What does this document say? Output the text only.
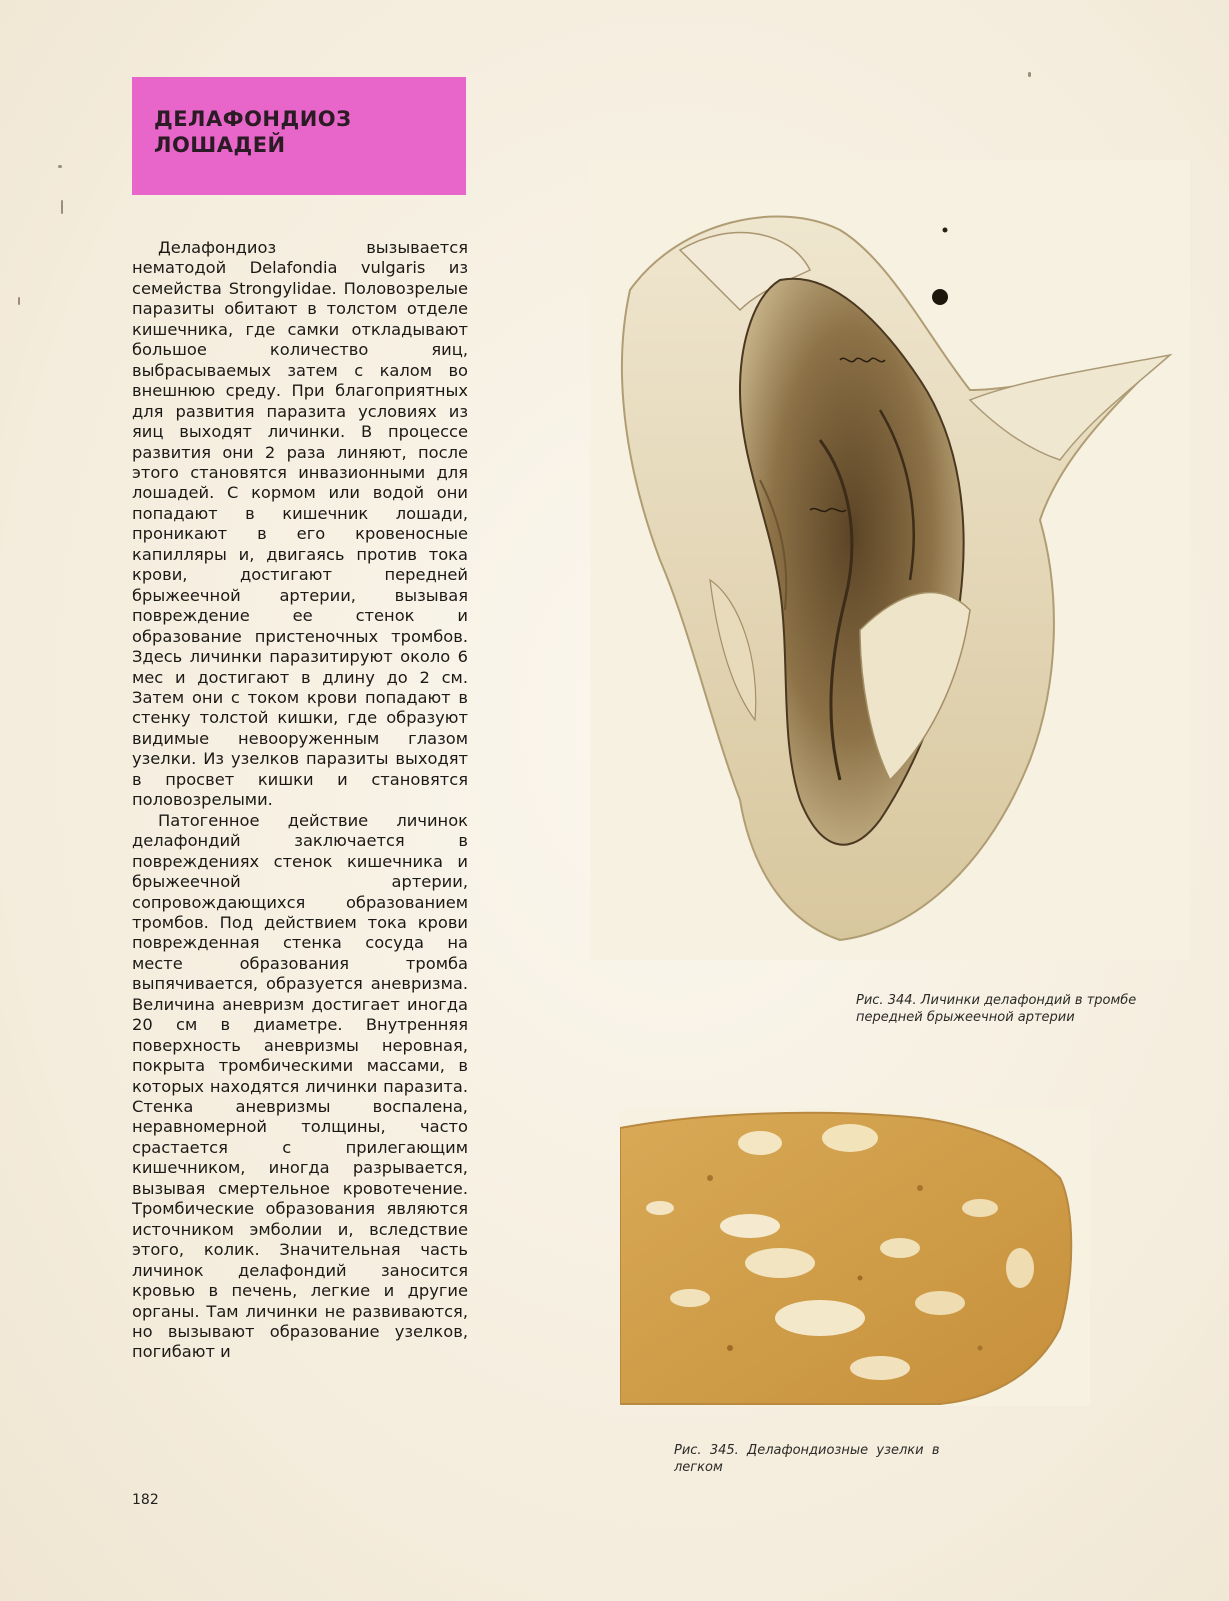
ДЕЛАФОНДИОЗ
ЛОШАДЕЙ

Делафондиоз вызывается нематодой Delafondia vulgaris из семейства Strongylidae. Половозрелые паразиты обитают в толстом отделе кишечника, где самки откладывают большое количество яиц, выбрасываемых затем с калом во внешнюю среду. При благоприятных для развития паразита условиях из яиц выходят личинки. В процессе развития они 2 раза линяют, после этого становятся инвазионными для лошадей. С кормом или водой они попадают в кишечник лошади, проникают в его кровеносные капилляры и, двигаясь против тока крови, достигают передней брыжеечной артерии, вызывая повреждение ее стенок и образование пристеночных тромбов. Здесь личинки паразитируют около 6 мес и достигают в длину до 2 см. Затем они с током крови попадают в стенку толстой кишки, где образуют видимые невооруженным глазом узелки. Из узелков паразиты выходят в просвет кишки и становятся половозрелыми.

Патогенное действие личинок делафондий заключается в повреждениях стенок кишечника и брыжеечной артерии, сопровождающихся образованием тромбов. Под действием тока крови поврежденная стенка сосуда на месте образования тромба выпячивается, образуется аневризма. Величина аневризм достигает иногда 20 см в диаметре. Внутренняя поверхность аневризмы неровная, покрыта тромбическими массами, в которых находятся личинки паразита. Стенка аневризмы воспалена, неравномерной толщины, часто срастается с прилегающим кишечником, иногда разрывается, вызывая смертельное кровотечение. Тромбические образования являются источником эмболии и, вследствие этого, колик. Значительная часть личинок делафондий заносится кровью в печень, легкие и другие органы. Там личинки не развиваются, но вызывают образование узелков, погибают и

182
Рис. 344. Личинки делафондий в тромбе
передней брыжеечной артерии
Рис.  345.  Делафондиозные  узелки  в
легком
